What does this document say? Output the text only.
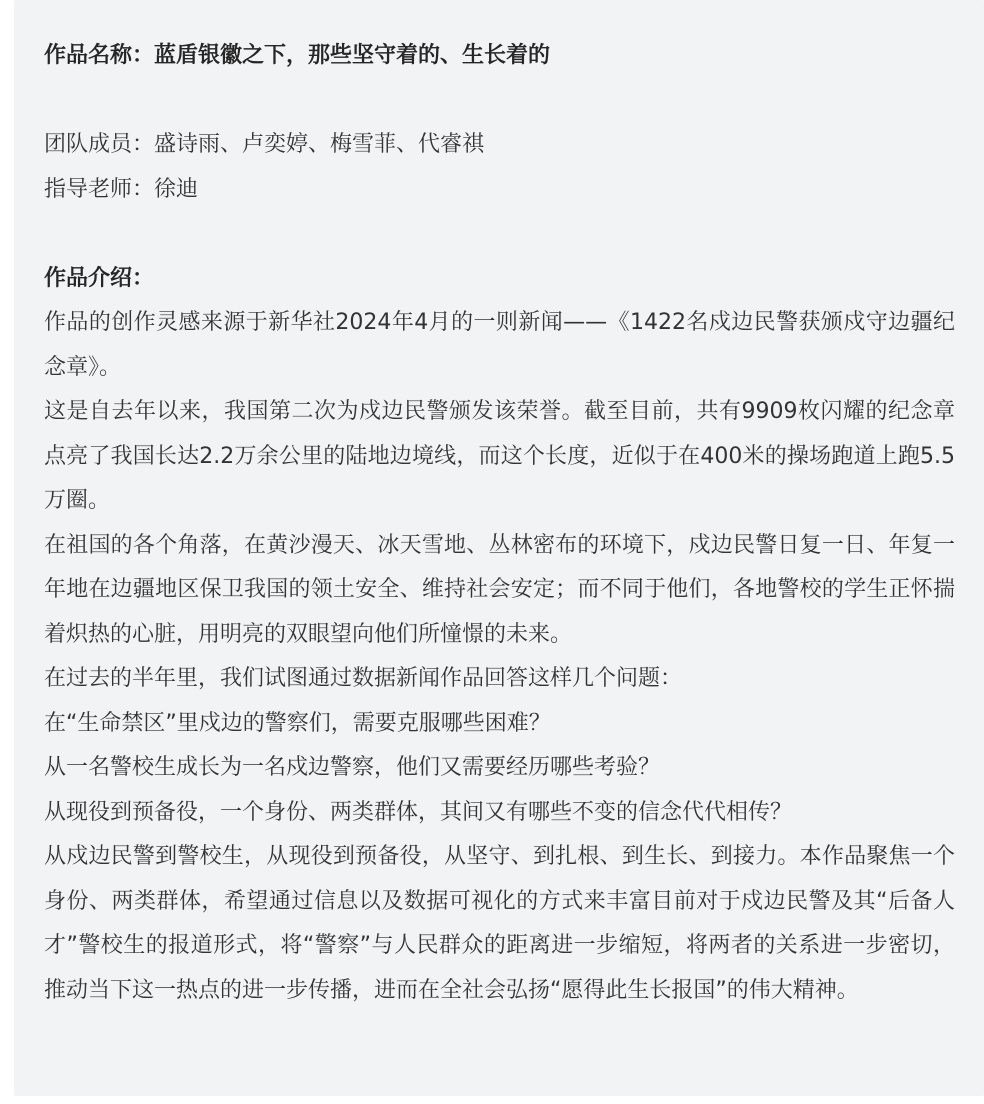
作品名称：蓝盾银徽之下，那些坚守着的、生长着的

团队成员：盛诗雨、卢奕婷、梅雪菲、代睿祺

指导老师：徐迪

作品介绍：

作品的创作灵感来源于新华社2024年4月的一则新闻——《1422名戍边民警获颁戍守边疆纪念章》。

这是自去年以来，我国第二次为戍边民警颁发该荣誉。截至目前，共有9909枚闪耀的纪念章点亮了我国长达2.2万余公里的陆地边境线，而这个长度，近似于在400米的操场跑道上跑5.5万圈。

在祖国的各个角落，在黄沙漫天、冰天雪地、丛林密布的环境下，戍边民警日复一日、年复一年地在边疆地区保卫我国的领土安全、维持社会安定；而不同于他们，各地警校的学生正怀揣着炽热的心脏，用明亮的双眼望向他们所憧憬的未来。

在过去的半年里，我们试图通过数据新闻作品回答这样几个问题：

在“生命禁区”里戍边的警察们，需要克服哪些困难？

从一名警校生成长为一名戍边警察，他们又需要经历哪些考验？

从现役到预备役，一个身份、两类群体，其间又有哪些不变的信念代代相传？

从戍边民警到警校生，从现役到预备役，从坚守、到扎根、到生长、到接力。本作品聚焦一个身份、两类群体，希望通过信息以及数据可视化的方式来丰富目前对于戍边民警及其“后备人才”警校生的报道形式，将“警察”与人民群众的距离进一步缩短，将两者的关系进一步密切，推动当下这一热点的进一步传播，进而在全社会弘扬“愿得此生长报国”的伟大精神。
